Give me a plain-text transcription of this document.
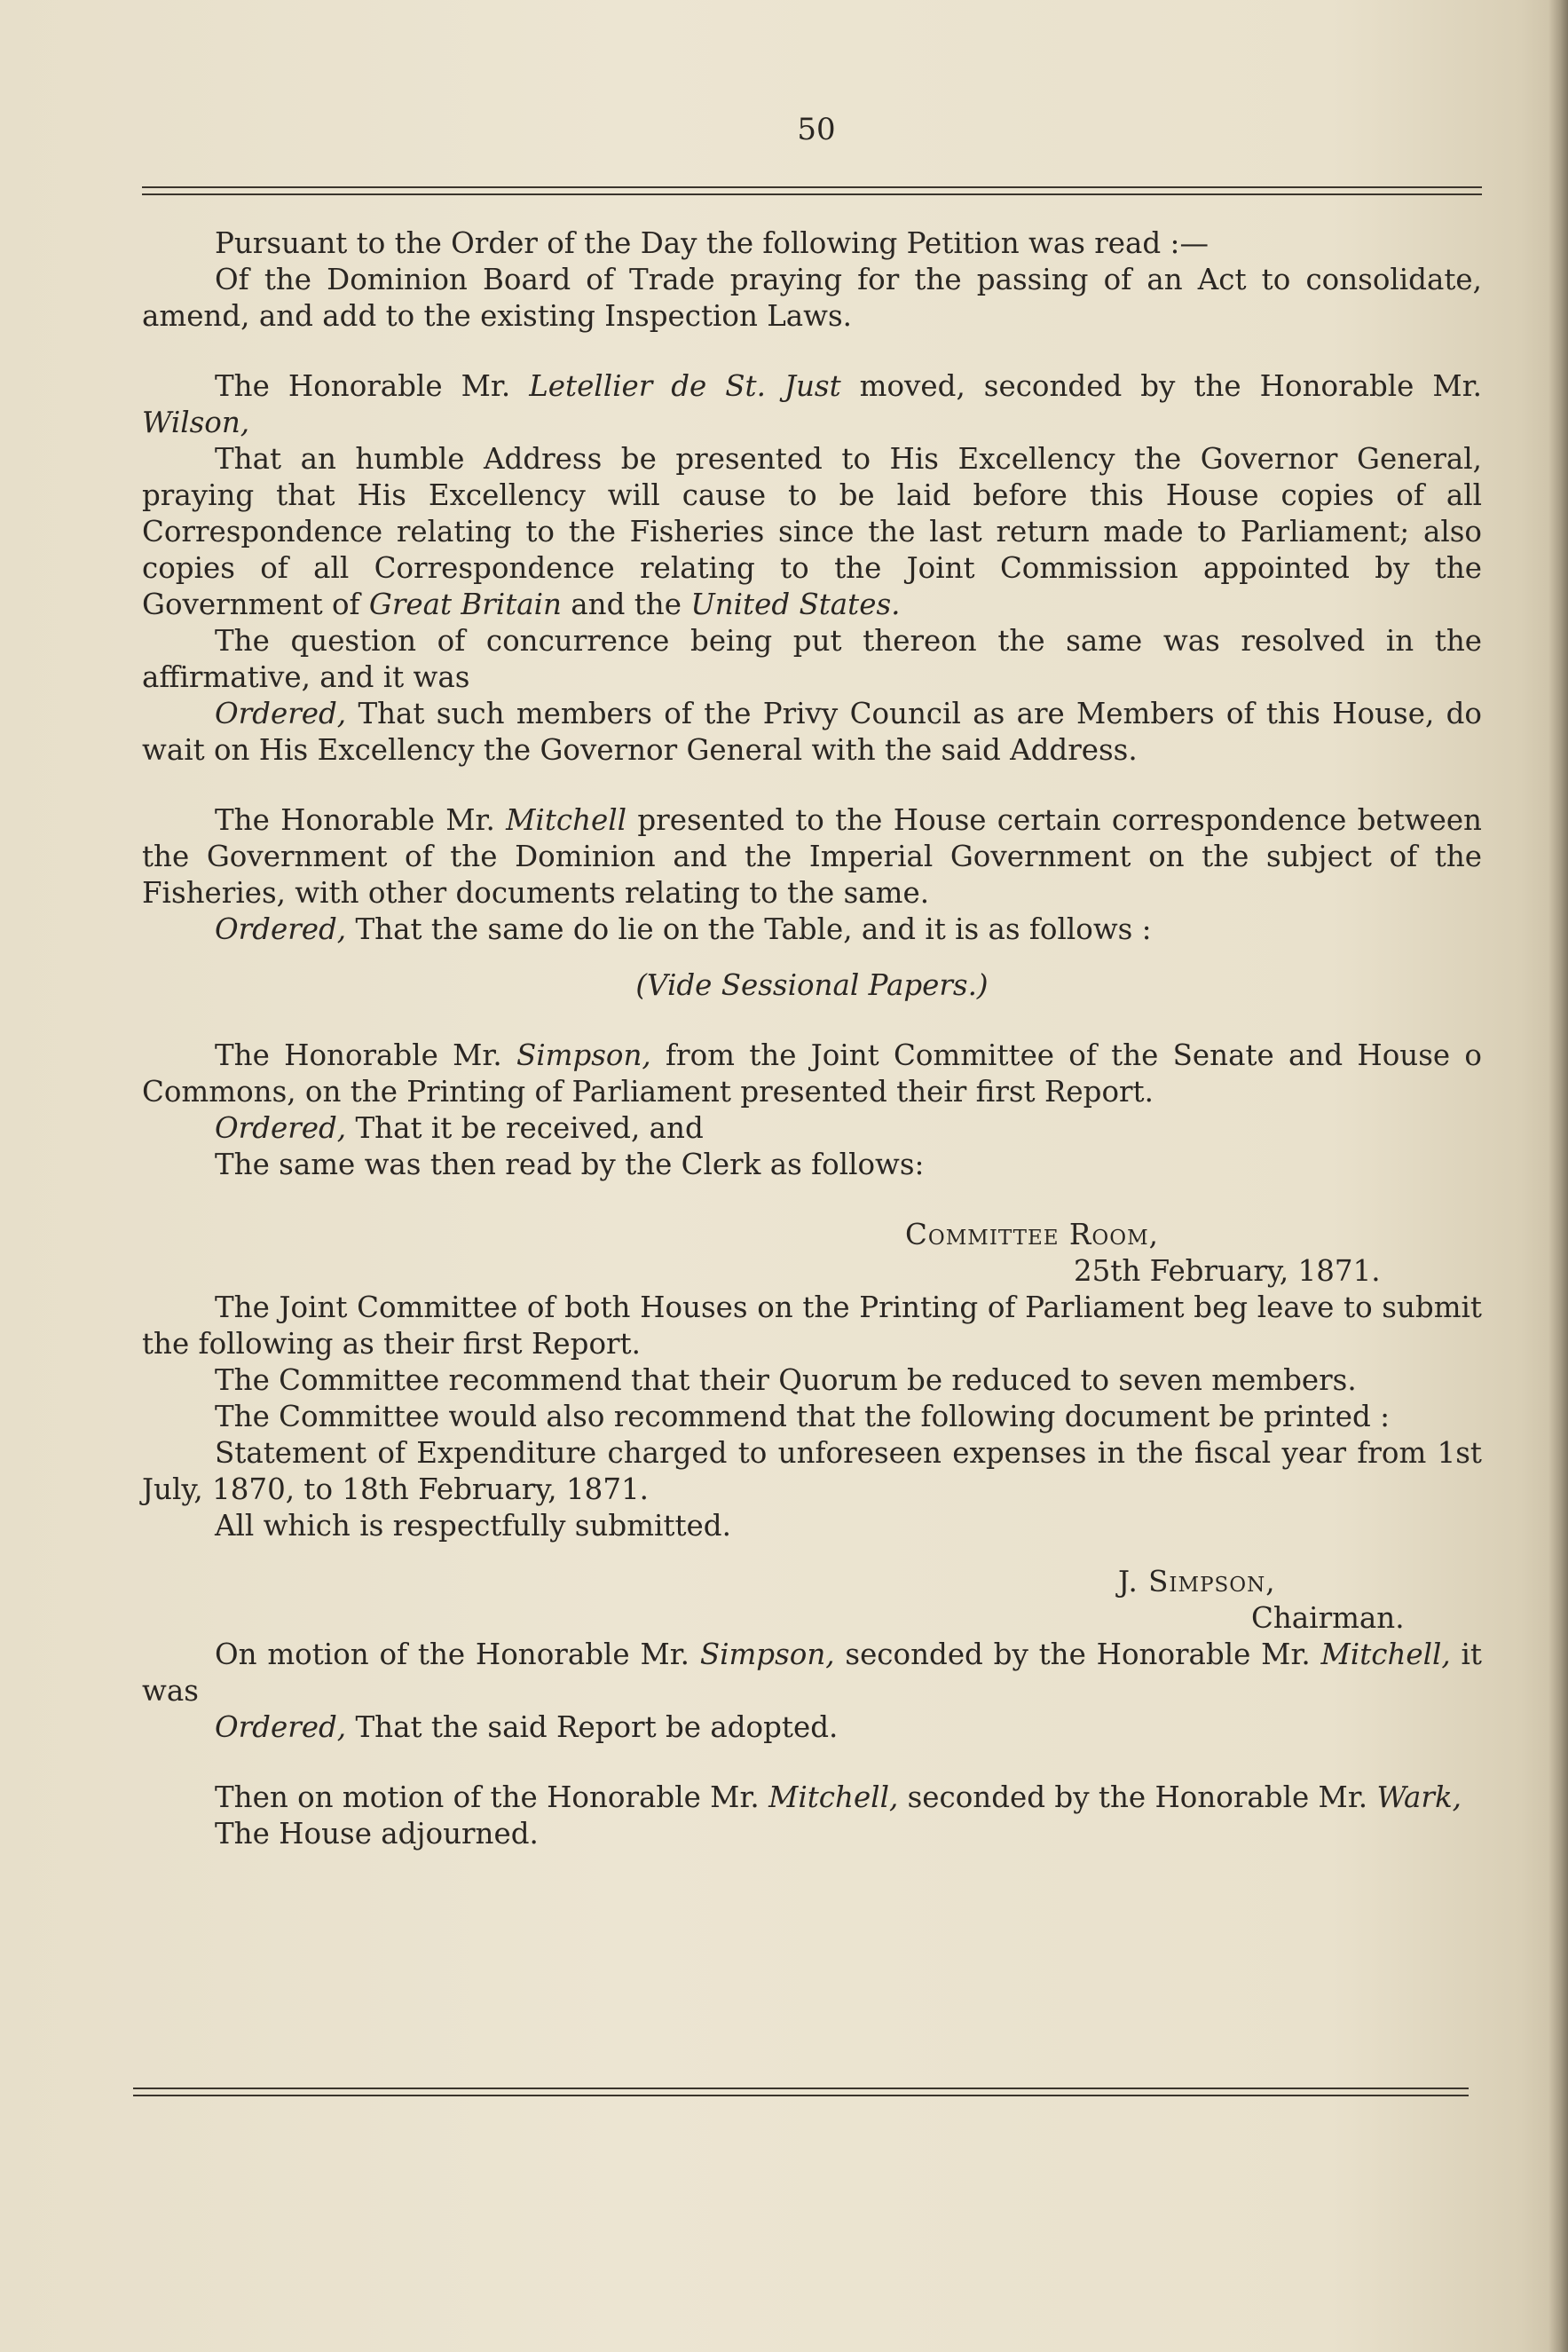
50

Pursuant to the Order of the Day the following Petition was read :—

Of the Dominion Board of Trade praying for the passing of an Act to consolidate, amend, and add to the existing Inspection Laws.

The Honorable Mr. Letellier de St. Just moved, seconded by the Honorable Mr. Wilson,

That an humble Address be presented to His Excellency the Governor General, praying that His Excellency will cause to be laid before this House copies of all Correspondence relating to the Fisheries since the last return made to Parliament; also copies of all Correspondence relating to the Joint Commission appointed by the Government of Great Britain and the United States.

The question of concurrence being put thereon the same was resolved in the affirmative, and it was

Ordered, That such members of the Privy Council as are Members of this House, do wait on His Excellency the Governor General with the said Address.

The Honorable Mr. Mitchell presented to the House certain correspondence between the Government of the Dominion and the Imperial Government on the subject of the Fisheries, with other documents relating to the same.

Ordered, That the same do lie on the Table, and it is as follows :

(Vide Sessional Papers.)

The Honorable Mr. Simpson, from the Joint Committee of the Senate and House o Commons, on the Printing of Parliament presented their first Report.

Ordered, That it be received, and

The same was then read by the Clerk as follows:

Committee Room,

25th February, 1871.

The Joint Committee of both Houses on the Printing of Parliament beg leave to submit the following as their first Report.

The Committee recommend that their Quorum be reduced to seven members.

The Committee would also recommend that the following document be printed :

Statement of Expenditure charged to unforeseen expenses in the fiscal year from 1st July, 1870, to 18th February, 1871.

All which is respectfully submitted.

J. Simpson,

Chairman.

On motion of the Honorable Mr. Simpson, seconded by the Honorable Mr. Mitchell, it was

Ordered, That the said Report be adopted.

Then on motion of the Honorable Mr. Mitchell, seconded by the Honorable Mr. Wark,

The House adjourned.
